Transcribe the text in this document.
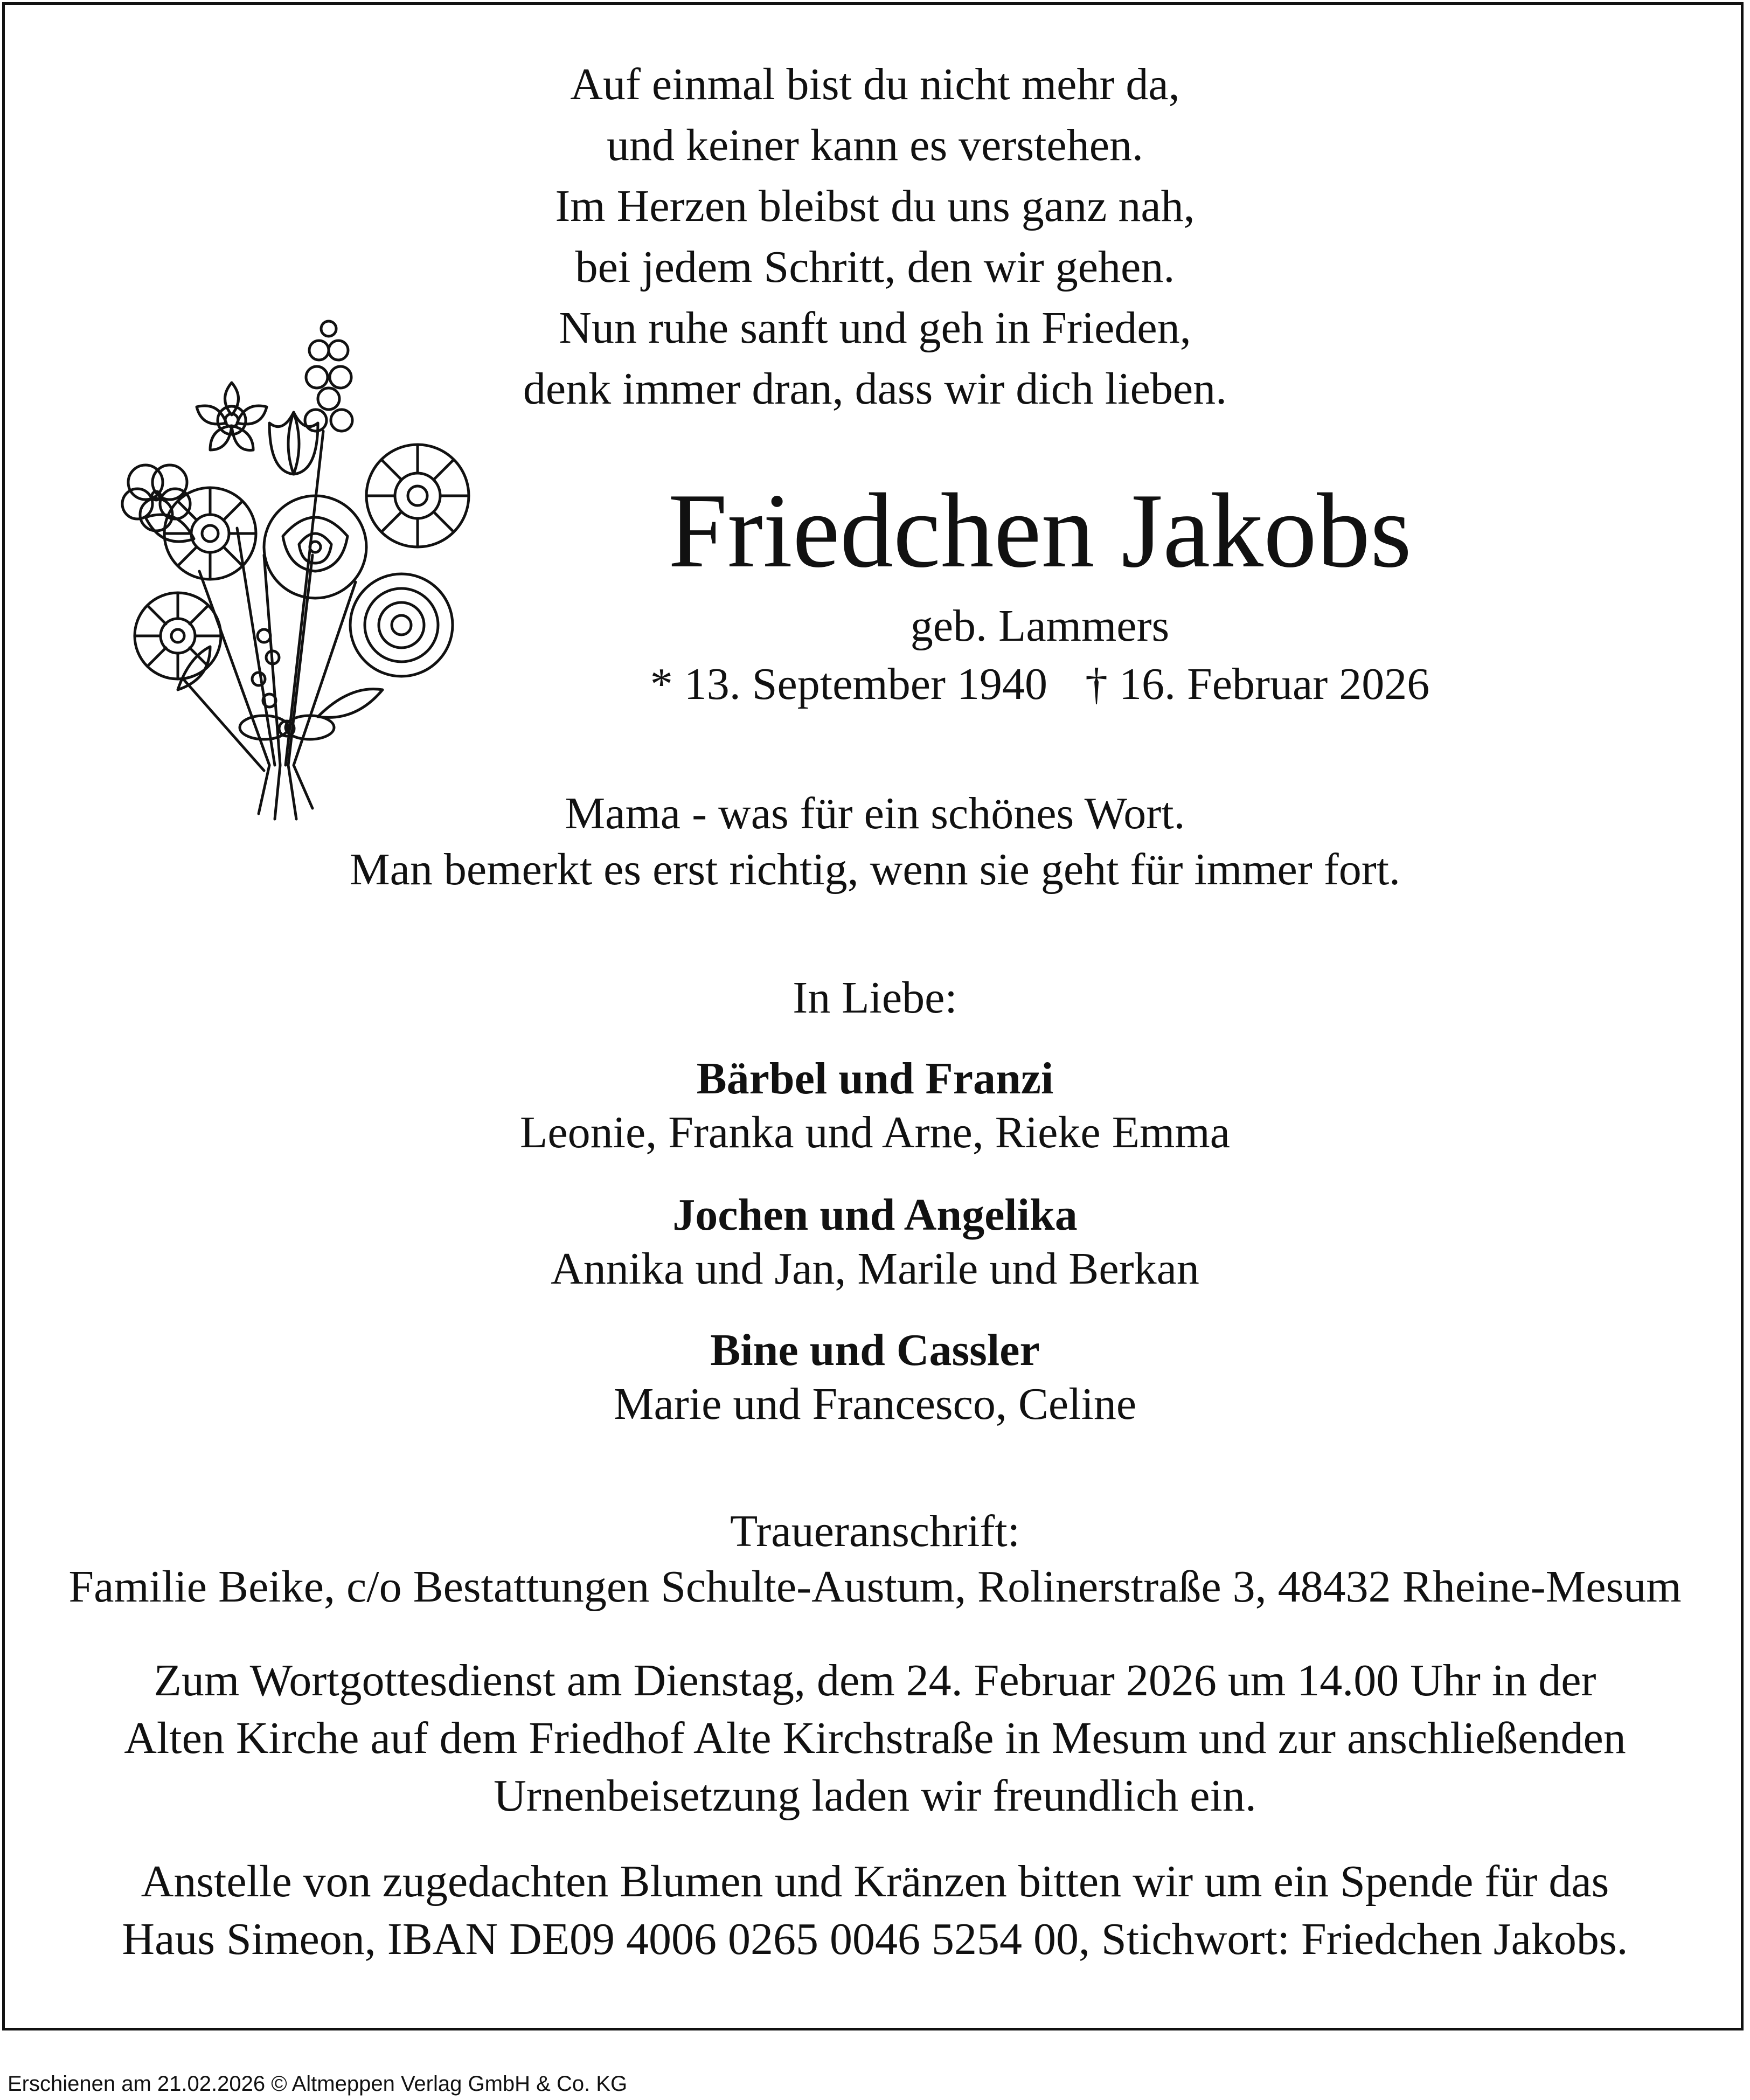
Auf einmal bist du nicht mehr da,
und keiner kann es verstehen.
Im Herzen bleibst du uns ganz nah,
bei jedem Schritt, den wir gehen.
Nun ruhe sanft und geh in Frieden,
denk immer dran, dass wir dich lieben.
Friedchen Jakobs
geb. Lammers
* 13. September 1940 † 16. Februar 2026
Mama - was für ein schönes Wort.
Man bemerkt es erst richtig, wenn sie geht für immer fort.
In Liebe:
Bärbel und Franzi
Leonie, Franka und Arne, Rieke Emma
Jochen und Angelika
Annika und Jan, Marile und Berkan
Bine und Cassler
Marie und Francesco, Celine
Traueranschrift:
Familie Beike, c/o Bestattungen Schulte-Austum, Rolinerstraße 3, 48432 Rheine-Mesum
Zum Wortgottesdienst am Dienstag, dem 24. Februar 2026 um 14.00 Uhr in der
Alten Kirche auf dem Friedhof Alte Kirchstraße in Mesum und zur anschließenden
Urnenbeisetzung laden wir freundlich ein.
Anstelle von zugedachten Blumen und Kränzen bitten wir um ein Spende für das
Haus Simeon, IBAN DE09 4006 0265 0046 5254 00, Stichwort: Friedchen Jakobs.
Erschienen am 21.02.2026 © Altmeppen Verlag GmbH & Co. KG
